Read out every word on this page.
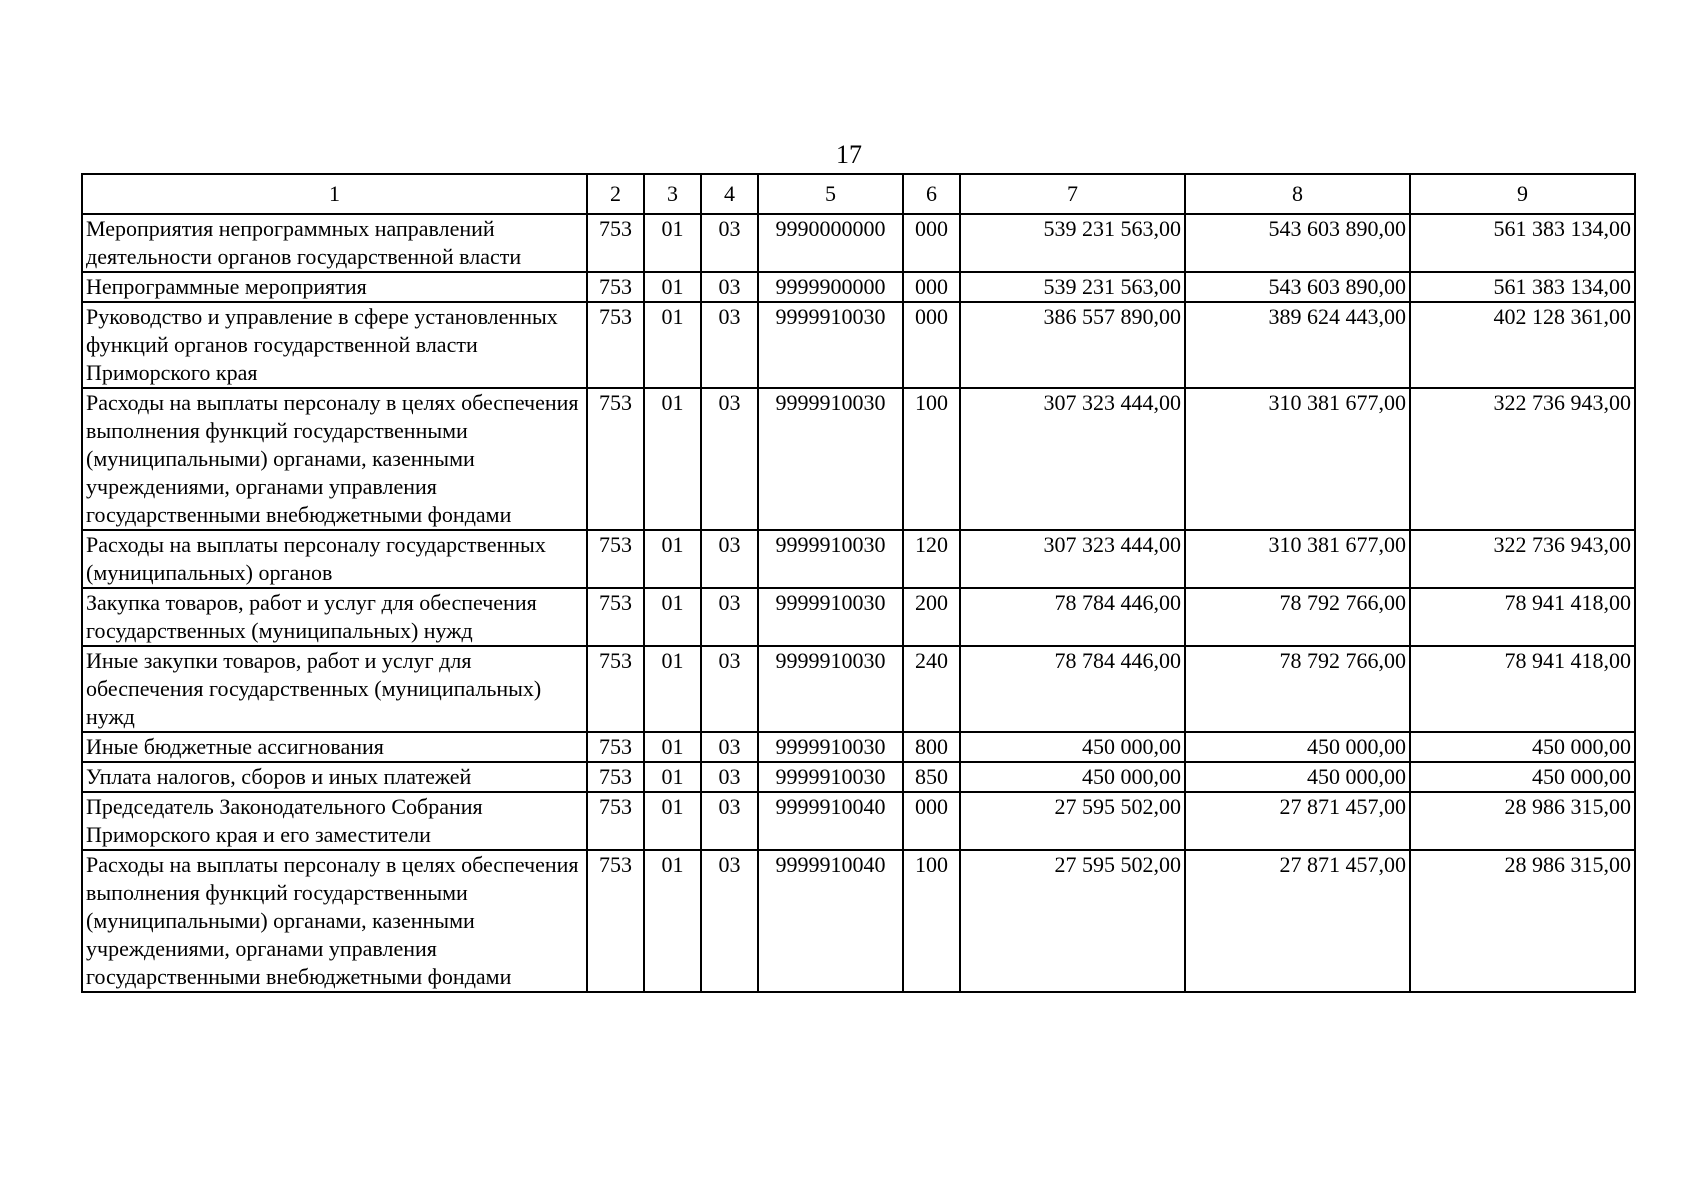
17
1	2	3	4	5	6	7	8	9
Мероприятия непрограммных направлений деятельности органов государственной власти	753	01	03	9990000000	000	539 231 563,00	543 603 890,00	561 383 134,00
Непрограммные мероприятия	753	01	03	9999900000	000	539 231 563,00	543 603 890,00	561 383 134,00
Руководство и управление в сфере установленных функций органов государственной власти Приморского края	753	01	03	9999910030	000	386 557 890,00	389 624 443,00	402 128 361,00
Расходы на выплаты персоналу в целях обеспечения выполнения функций государственными (муниципальными) органами, казенными учреждениями, органами управления государственными внебюджетными фондами	753	01	03	9999910030	100	307 323 444,00	310 381 677,00	322 736 943,00
Расходы на выплаты персоналу государственных (муниципальных) органов	753	01	03	9999910030	120	307 323 444,00	310 381 677,00	322 736 943,00
Закупка товаров, работ и услуг для обеспечения государственных (муниципальных) нужд	753	01	03	9999910030	200	78 784 446,00	78 792 766,00	78 941 418,00
Иные закупки товаров, работ и услуг для обеспечения государственных (муниципальных) нужд	753	01	03	9999910030	240	78 784 446,00	78 792 766,00	78 941 418,00
Иные бюджетные ассигнования	753	01	03	9999910030	800	450 000,00	450 000,00	450 000,00
Уплата налогов, сборов и иных платежей	753	01	03	9999910030	850	450 000,00	450 000,00	450 000,00
Председатель Законодательного Собрания Приморского края и его заместители	753	01	03	9999910040	000	27 595 502,00	27 871 457,00	28 986 315,00
Расходы на выплаты персоналу в целях обеспечения выполнения функций государственными (муниципальными) органами, казенными учреждениями, органами управления государственными внебюджетными фондами	753	01	03	9999910040	100	27 595 502,00	27 871 457,00	28 986 315,00
